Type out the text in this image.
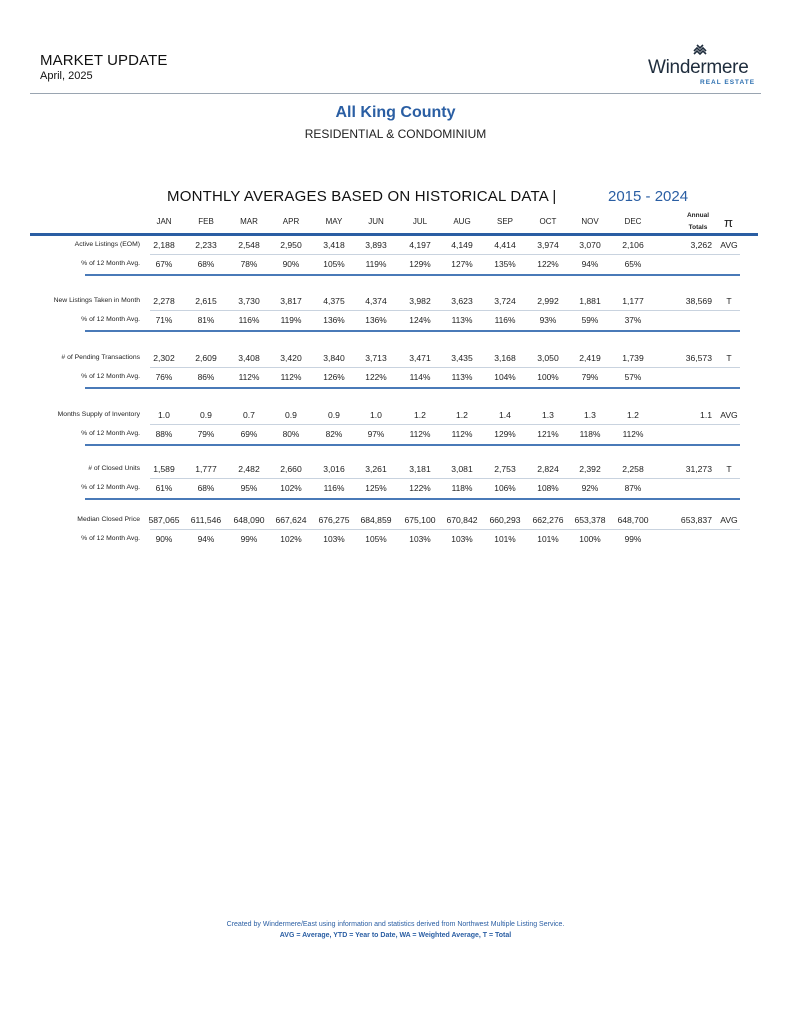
MARKET UPDATE
April, 2025	Windermere
REAL ESTATE
All King County
RESIDENTIAL & CONDOMINIUM
MONTHLY AVERAGES BASED ON HISTORICAL DATA |	2015 - 2024
JAN	FEB	MAR	APR	MAY	JUN	JUL	AUG	SEP	OCT	NOV	DEC
Annual
Totals	π
Active Listings (EOM)	2,188	2,233	2,548	2,950	3,418	3,893	4,197	4,149	4,414	3,974	3,070	2,106	3,262 AVG
% of 12 Month Avg.	67%	68%	78%	90%	105%	119%	129%	127%	135%	122%	94%	65%
New Listings Taken in Month	2,278	2,615	3,730	3,817	4,375	4,374	3,982	3,623	3,724	2,992	1,881	1,177	38,569	T
% of 12 Month Avg.	71%	81%	116%	119%	136%	136%	124%	113%	116%	93%	59%	37%
# of Pending Transactions	2,302	2,609	3,408	3,420	3,840	3,713	3,471	3,435	3,168	3,050	2,419	1,739	36,573	T
% of 12 Month Avg.	76%	86%	112%	112%	126%	122%	114%	113%	104%	100%	79%	57%
Months Supply of Inventory	1.0	0.9	0.7	0.9	0.9	1.0	1.2	1.2	1.4	1.3	1.3	1.2	1.1 AVG
% of 12 Month Avg.	88%	79%	69%	80%	82%	97%	112%	112%	129%	121%	118%	112%
# of Closed Units	1,589	1,777	2,482	2,660	3,016	3,261	3,181	3,081	2,753	2,824	2,392	2,258	31,273	T
% of 12 Month Avg.	61%	68%	95%	102%	116%	125%	122%	118%	106%	108%	92%	87%
Median Closed Price 587,065	611,546	648,090	667,624	676,275	684,859	675,100	670,842	660,293	662,276	653,378	648,700	653,837 AVG
% of 12 Month Avg.	90%	94%	99%	102%	103%	105%	103%	103%	101%	101%	100%	99%
Created by Windermere/East using information and statistics derived from Northwest Multiple Listing Service.
AVG = Average, YTD = Year to Date, WA = Weighted Average, T = Total
